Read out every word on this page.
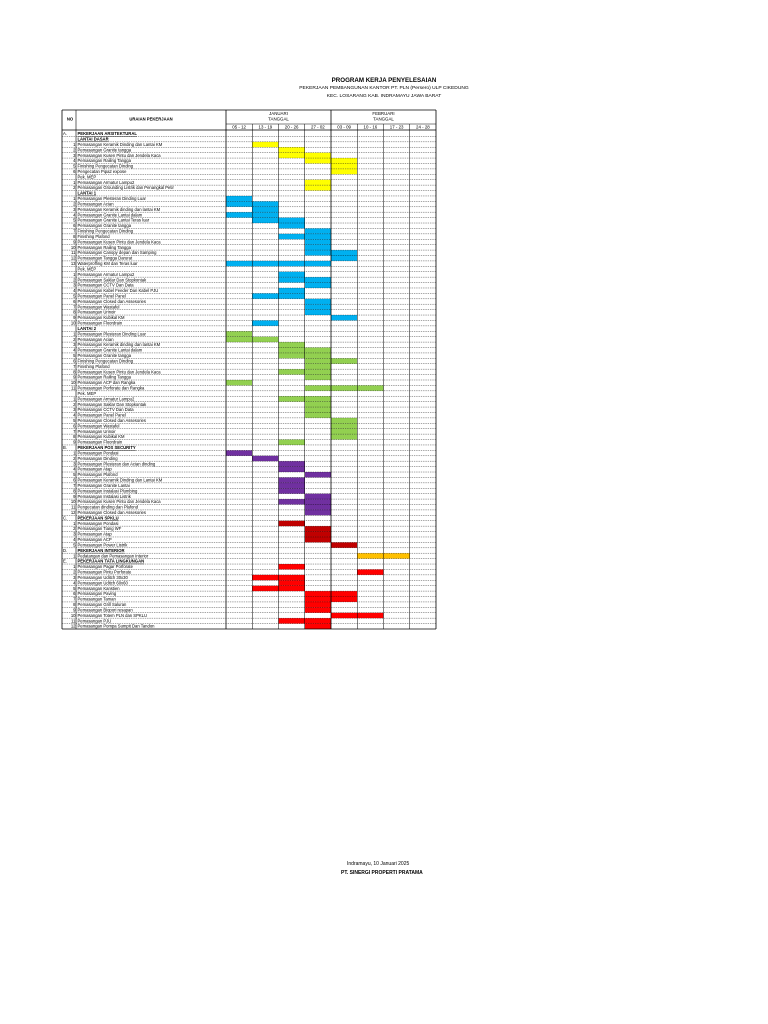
PROGRAM KERJA PENYELESAIAN
PEKERJAAN PEMBANGUNAN KANTOR PT. PLN (Persero) ULP CIKEDUNG
KEC. LOSARANG KAB. INDRAMAYU JAWA BARAT
NO	URAIAN PEKERJAAN
JANUARI
TANGGAL
FEBRUARI
TANGGAL
05 - 12	13 - 19	20 - 26	27 - 02	03 - 09	10 - 16	17 - 23	24 - 28
A.	PEKERJAAN ARSITEKTURAL
LANTAI DASAR
1 Pemasangan Keramik Dinding dan Lantai KM
2 Pemasangan Granite tangga
3 Pemasangan Kusen Pintu dan Jendela Kaca
4 Pemasangan Railing Tangga
5 Finishing Pengecatan Dinding
6 Pengecatan Pipa2 expose
Pek. MEP
1 Pemasangan Armatur Lampu2
2 Pemasangan Grounding Listrik dan Penangkal Petir
LANTAI 1
1 Pemasangan Plesteran Dinding Luar
2 Pemasangan Acian
3 Pemasangan Keramik dinding dan lantai KM
4 Pemasangan Granite Lantai dalam
5 Pemasangan Granite Lantai Teras luar
6 Pemasangan Granite tangga
7 Finishing Pengecatan Dinding
8 Finishing Plafond
9 Pemasangan Kusen Pintu dan Jendela Kaca
10 Pemasangan Railing Tangga
11 Pemasangan Canopy depan dan Samping
12 Pemasangan Tangga Darurat
13 Waterproffing KM dan Teras luar
Pek. MEP
1 Pemasangan Armatur Lampu2
2 Pemasangan Saklar Dan Stopkontak
3 Pemasangan CCTV Dan Data
4 Pemasangan Kabel Feeder Dan Kabel PJU
5 Pemasangan Panel Panel
6 Pemasangan Closed dan Assesories
7 Pemasangan Wastafel
8 Pemasangan Urinoir
9 Pemasangan Kubikal KM
10 Pemasangan Floordrain
LANTAI 2
1 Pemasangan Plesteran Dinding Luar
2 Pemasangan Acian
3 Pemasangan Keramik dinding dan lantai KM
4 Pemasangan Granite Lantai dalam
5 Pemasangan Granite tangga
6 Finishing Pengecatan Dinding
7 Finishing Plafond
8 Pemasangan Kusen Pintu dan Jendela Kaca
9 Pemasangan Railing Tangga
10 Pemasangan ACP dan Rangka
11 Pemasangan Porforate dan Rangka
Pek. MEP
1 Pemasangan Armatur Lampu2
2 Pemasangan Saklar Dan Stopkontak
3 Pemasangan CCTV Dan Data
4 Pemasangan Panel Panel
5 Pemasangan Closed dan Assesories
6 Pemasangan Wastafel
7 Pemasangan Urinoir
8 Pemasangan Kubikal KM
9 Pemasangan Floordrain
B.	PEKERJAAN POS SECURITY
1 Pemasangan Pondasi
2 Pemasangan Dinding
3 Pemasangan Plesteran dan Acian dinding
4 Pemasangan Atap
5 Pemasangan Plafond
6 Pemasangan Keramik Dinding dan Lantai KM
7 Pemasangan Granite Lantai
8 Pemasangan Instalasi Plumbing
9 Pemasangan Instalasi Listrik
10 Pemasangan Kusen Pintu dan Jendela Kaca
11 Pengecatan dinding dan Plafond
12 Pemasangan Closed dan Assesories
C. PEKERJAAN SPKLU
1 Pemasangan Pondasi
2 Pemasangan Tiang WF
3 Pemasangan Atap
4 Pemasangan ACP
5 Pemasangan Power Listrik
D. PEKERJAAN INTERIOR
1 Pedatangan dan Pemasangan Interior
E.	PEKERJAAN TATA LINGKUNGAN
1 Pemasangan Pagar Porforate
2 Pemasangan Pintu Porforate
3 Pemasangan Uditch 30x30
4 Pemasangan Uditch 60x60
5 Pemasangan Kanstien
6 Pemasangan Paving
7 Pemasangan Taman
8 Pemasangan Grill Saluran
9 Pemasangan Biopori resapan
10 Pemasangan Totem PLN dan SPKLU
11 Pemasangan PJU
12 Pemasangan Pompa Sumpit Dan Tandon
Indramayu, 10 Januari 2025
PT. SINERGI PROPERTI PRATAMA
